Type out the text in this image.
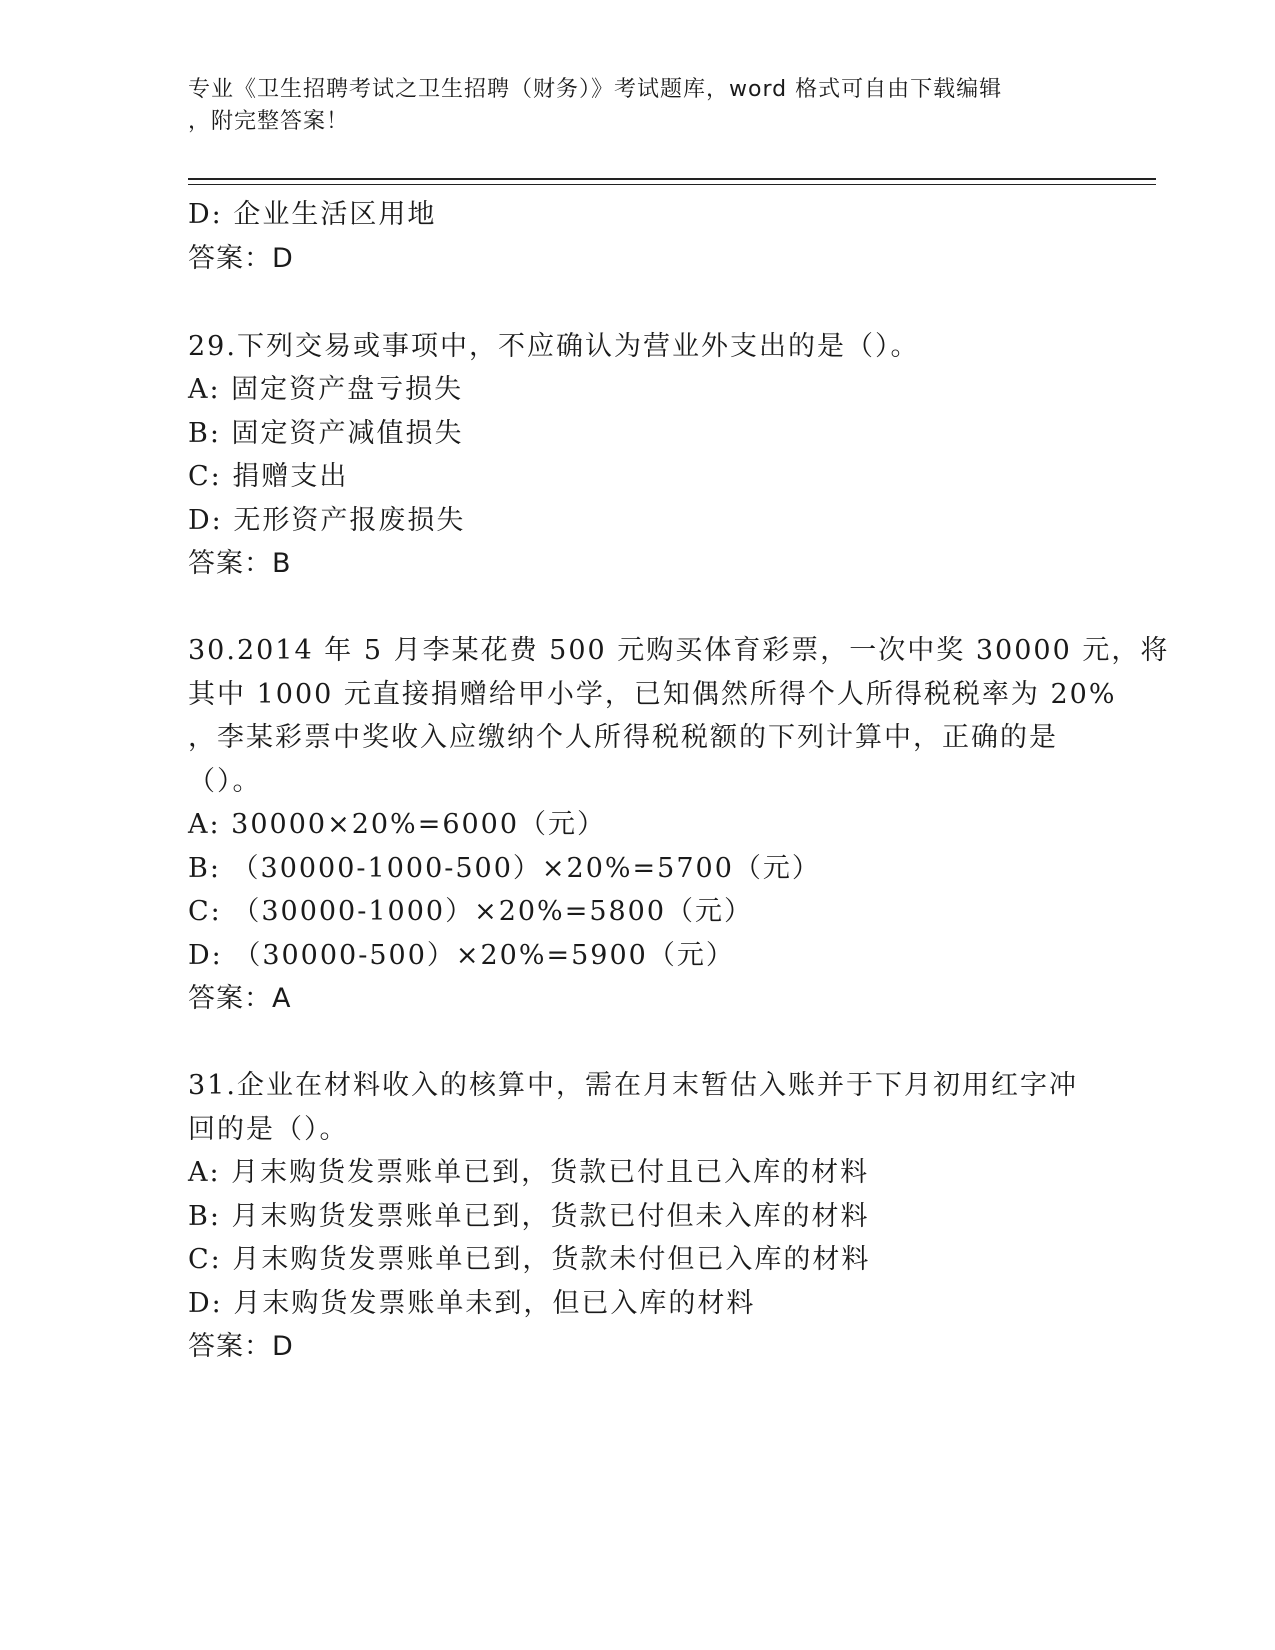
专业《卫生招聘考试之卫生招聘（财务）》考试题库，word 格式可自由下载编辑
，附完整答案！
D: 企业生活区用地
答案：D
29.下列交易或事项中，不应确认为营业外支出的是（）。
A: 固定资产盘亏损失
B: 固定资产减值损失
C: 捐赠支出
D: 无形资产报废损失
答案：B
30.2014 年 5 月李某花费 500 元购买体育彩票，一次中奖 30000 元，将
其中 1000 元直接捐赠给甲小学，已知偶然所得个人所得税税率为 20%
，李某彩票中奖收入应缴纳个人所得税税额的下列计算中，正确的是
（）。
A: 30000×20%=6000（元）
B: （30000-1000-500）×20%=5700（元）
C: （30000-1000）×20%=5800（元）
D: （30000-500）×20%=5900（元）
答案：A
31.企业在材料收入的核算中，需在月末暂估入账并于下月初用红字冲
回的是（）。
A: 月末购货发票账单已到，货款已付且已入库的材料
B: 月末购货发票账单已到，货款已付但未入库的材料
C: 月末购货发票账单已到，货款未付但已入库的材料
D: 月末购货发票账单未到，但已入库的材料
答案：D
